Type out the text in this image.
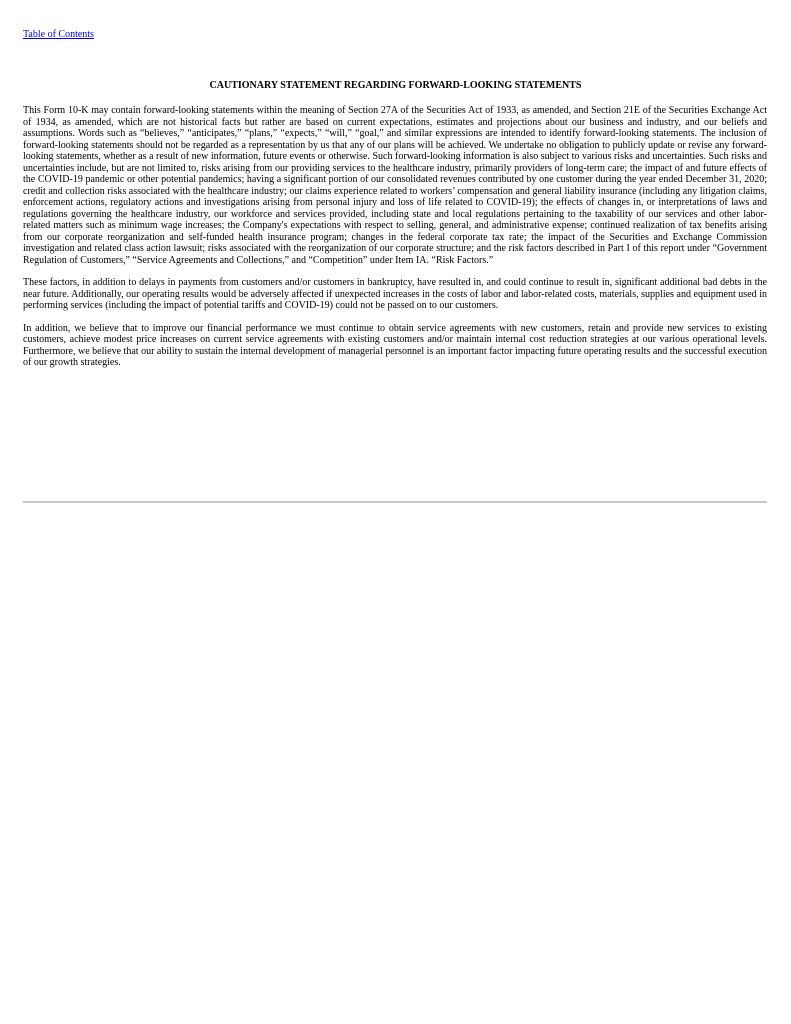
Table of Contents
CAUTIONARY STATEMENT REGARDING FORWARD-LOOKING STATEMENTS

This Form 10-K may contain forward-looking statements within the meaning of Section 27A of the Securities Act of 1933, as amended, and Section 21E of the Securities Exchange Act of 1934, as amended, which are not historical facts but rather are based on current expectations, estimates and projections about our business and industry, and our beliefs and assumptions. Words such as “believes,” “anticipates,” “plans,” “expects,” “will,” “goal,” and similar expressions are intended to identify forward-looking statements. The inclusion of forward-looking statements should not be regarded as a representation by us that any of our plans will be achieved. We undertake no obligation to publicly update or revise any forward-looking statements, whether as a result of new information, future events or otherwise. Such forward-looking information is also subject to various risks and uncertainties. Such risks and uncertainties include, but are not limited to, risks arising from our providing services to the healthcare industry, primarily providers of long-term care; the impact of and future effects of the COVID-19 pandemic or other potential pandemics; having a significant portion of our consolidated revenues contributed by one customer during the year ended December 31, 2020; credit and collection risks associated with the healthcare industry; our claims experience related to workers’ compensation and general liability insurance (including any litigation claims, enforcement actions, regulatory actions and investigations arising from personal injury and loss of life related to COVID-19); the effects of changes in, or interpretations of laws and regulations governing the healthcare industry, our workforce and services provided, including state and local regulations pertaining to the taxability of our services and other labor-related matters such as minimum wage increases; the Company's expectations with respect to selling, general, and administrative expense; continued realization of tax benefits arising from our corporate reorganization and self-funded health insurance program; changes in the federal corporate tax rate; the impact of the Securities and Exchange Commission investigation and related class action lawsuit; risks associated with the reorganization of our corporate structure; and the risk factors described in Part I of this report under “Government Regulation of Customers,” “Service Agreements and Collections,” and “Competition” under Item IA. “Risk Factors.”

These factors, in addition to delays in payments from customers and/or customers in bankruptcy, have resulted in, and could continue to result in, significant additional bad debts in the near future. Additionally, our operating results would be adversely affected if unexpected increases in the costs of labor and labor-related costs, materials, supplies and equipment used in performing services (including the impact of potential tariffs and COVID-19) could not be passed on to our customers.

In addition, we believe that to improve our financial performance we must continue to obtain service agreements with new customers, retain and provide new services to existing customers, achieve modest price increases on current service agreements with existing customers and/or maintain internal cost reduction strategies at our various operational levels. Furthermore, we believe that our ability to sustain the internal development of managerial personnel is an important factor impacting future operating results and the successful execution of our growth strategies.
